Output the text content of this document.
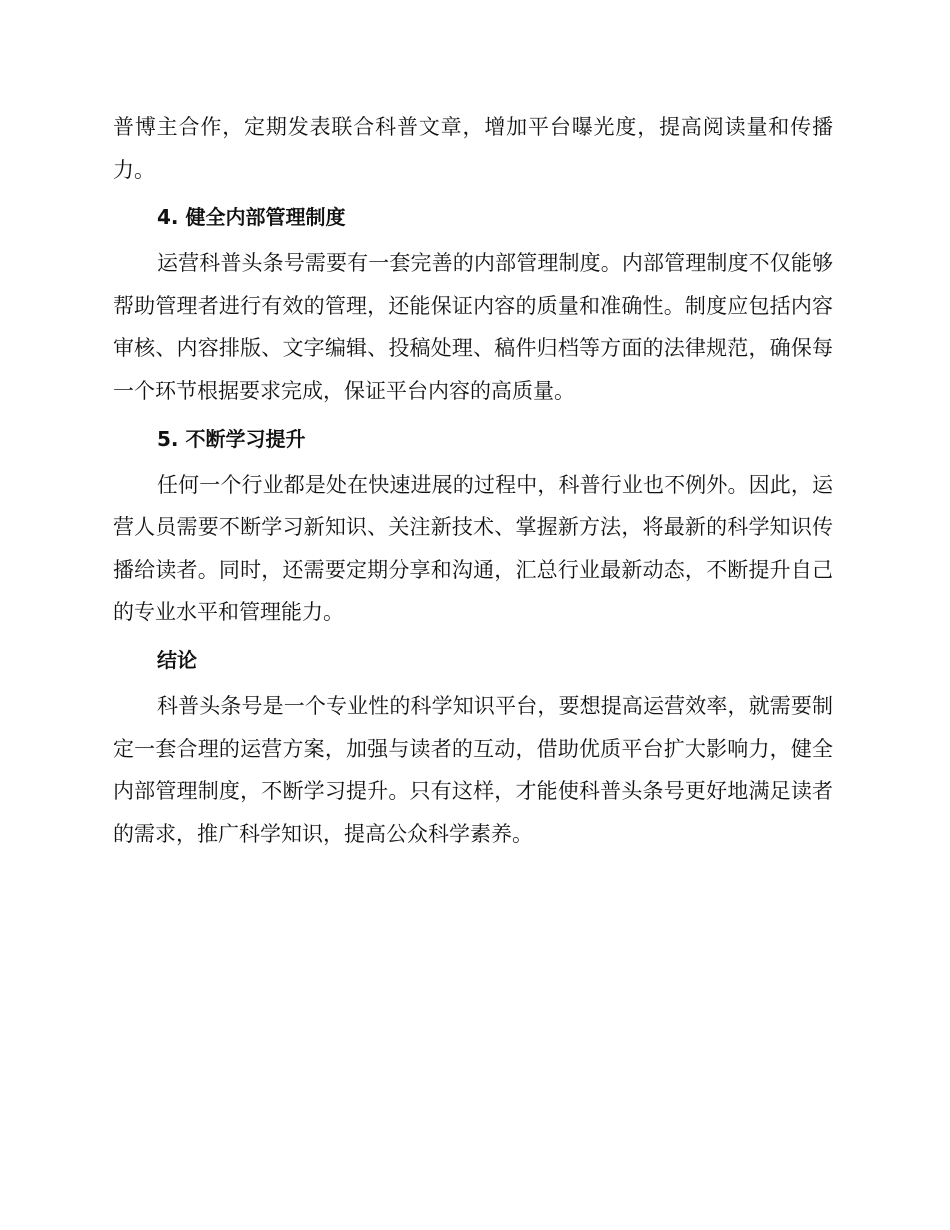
普博主合作，定期发表联合科普文章，增加平台曝光度，提高阅读量和传播力。

4. 健全内部管理制度

运营科普头条号需要有一套完善的内部管理制度。内部管理制度不仅能够帮助管理者进行有效的管理，还能保证内容的质量和准确性。制度应包括内容审核、内容排版、文字编辑、投稿处理、稿件归档等方面的法律规范，确保每一个环节根据要求完成，保证平台内容的高质量。

5. 不断学习提升

任何一个行业都是处在快速进展的过程中，科普行业也不例外。因此，运营人员需要不断学习新知识、关注新技术、掌握新方法，将最新的科学知识传播给读者。同时，还需要定期分享和沟通，汇总行业最新动态，不断提升自己的专业水平和管理能力。

结论

科普头条号是一个专业性的科学知识平台，要想提高运营效率，就需要制定一套合理的运营方案，加强与读者的互动，借助优质平台扩大影响力，健全内部管理制度，不断学习提升。只有这样，才能使科普头条号更好地满足读者的需求，推广科学知识，提高公众科学素养。
